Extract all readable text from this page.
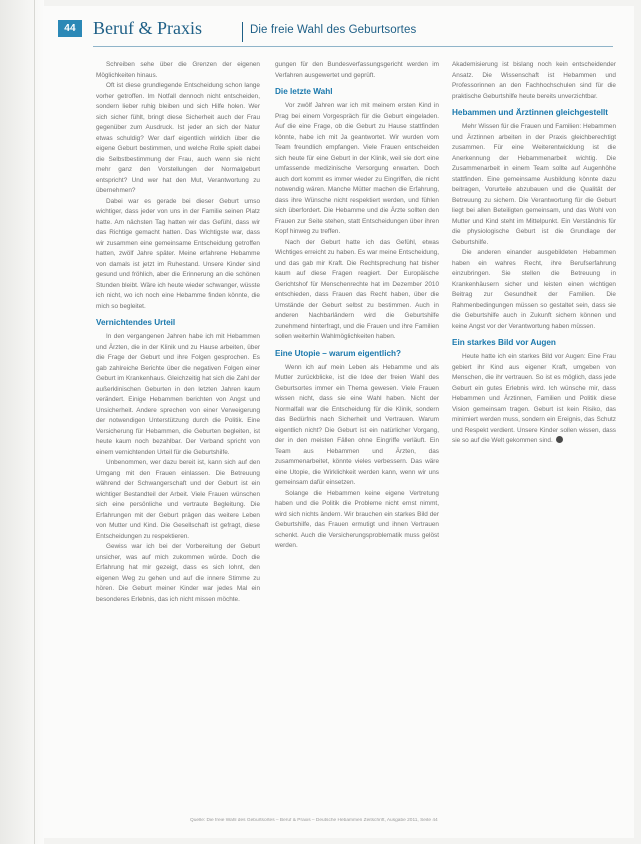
44 Beruf & Praxis	Die freie Wahl des Geburtsortes

Schreiben sehe über die Grenzen der eigenen Möglichkeiten hinaus.

Oft ist diese grundlegende Entscheidung schon lange vorher getroffen. Im Notfall dennoch nicht entscheiden, sondern lieber ruhig bleiben und sich Hilfe holen. Wer sich sicher fühlt, bringt diese Sicherheit auch der Frau gegenüber zum Ausdruck. Ist jeder an sich der Natur etwas schuldig? Wer darf eigentlich wirklich über die eigene Geburt bestimmen, und welche Rolle spielt dabei die Selbstbestimmung der Frau, auch wenn sie nicht mehr ganz den Vorstellungen der Normalgeburt entspricht? Und wer hat den Mut, Verantwortung zu übernehmen?

Dabei war es gerade bei dieser Geburt umso wichtiger, dass jeder von uns in der Familie seinen Platz hatte. Am nächsten Tag hatten wir das Gefühl, dass wir das Richtige gemacht hatten. Das Wichtigste war, dass wir zusammen eine gemeinsame Entscheidung getroffen hatten, zwölf Jahre später. Meine erfahrene Hebamme von damals ist jetzt im Ruhestand. Unsere Kinder sind gesund und fröhlich, aber die Erinnerung an die schönen Stunden bleibt. Wäre ich heute wieder schwanger, wüsste ich nicht, wo ich noch eine Hebamme finden könnte, die mich so begleitet.

Vernichtendes Urteil

In den vergangenen Jahren habe ich mit Hebammen und Ärzten, die in der Klinik und zu Hause arbeiten, über die Frage der Geburt und ihre Folgen gesprochen. Es gab zahlreiche Berichte über die negativen Folgen einer Geburt im Krankenhaus. Gleichzeitig hat sich die Zahl der außerklinischen Geburten in den letzten Jahren kaum verändert. Einige Hebammen berichten von Angst und Unsicherheit. Andere sprechen von einer Verweigerung der notwendigen Unterstützung durch die Politik. Eine Versicherung für Hebammen, die Geburten begleiten, ist heute kaum noch bezahlbar. Der Verband spricht von einem vernichtenden Urteil für die Geburtshilfe.

Unbenommen, wer dazu bereit ist, kann sich auf den Umgang mit den Frauen einlassen. Die Betreuung während der Schwangerschaft und der Geburt ist ein wichtiger Bestandteil der Arbeit. Viele Frauen wünschen sich eine persönliche und vertraute Begleitung. Die Erfahrungen mit der Geburt prägen das weitere Leben von Mutter und Kind. Die Gesellschaft ist gefragt, diese Entscheidungen zu respektieren.

Gewiss war ich bei der Vorbereitung der Geburt unsicher, was auf mich zukommen würde. Doch die Erfahrung hat mir gezeigt, dass es sich lohnt, den eigenen Weg zu gehen und auf die innere Stimme zu hören. Die Geburt meiner Kinder war jedes Mal ein besonderes Erlebnis, das ich nicht missen möchte.

gungen für den Bundesverfassungsgericht werden im Verfahren ausgewertet und geprüft.

Die letzte Wahl

Vor zwölf Jahren war ich mit meinem ersten Kind in Prag bei einem Vorgespräch für die Geburt eingeladen. Auf die eine Frage, ob die Geburt zu Hause stattfinden könnte, habe ich mit Ja geantwortet. Wir wurden vom Team freundlich empfangen. Viele Frauen entscheiden sich heute für eine Geburt in der Klinik, weil sie dort eine umfassende medizinische Versorgung erwarten. Doch auch dort kommt es immer wieder zu Eingriffen, die nicht notwendig wären. Manche Mütter machen die Erfahrung, dass ihre Wünsche nicht respektiert werden, und fühlen sich überfordert. Die Hebamme und die Ärzte sollten den Frauen zur Seite stehen, statt Entscheidungen über ihren Kopf hinweg zu treffen.

Nach der Geburt hatte ich das Gefühl, etwas Wichtiges erreicht zu haben. Es war meine Entscheidung, und das gab mir Kraft. Die Rechtsprechung hat bisher kaum auf diese Fragen reagiert. Der Europäische Gerichtshof für Menschenrechte hat im Dezember 2010 entschieden, dass Frauen das Recht haben, über die Umstände der Geburt selbst zu bestimmen. Auch in anderen Nachbarländern wird die Geburtshilfe zunehmend hinterfragt, und die Frauen und ihre Familien sollen weiterhin Wahlmöglichkeiten haben.

Eine Utopie – warum eigentlich?

Wenn ich auf mein Leben als Hebamme und als Mutter zurückblicke, ist die Idee der freien Wahl des Geburtsortes immer ein Thema gewesen. Viele Frauen wissen nicht, dass sie eine Wahl haben. Nicht der Normalfall war die Entscheidung für die Klinik, sondern das Bedürfnis nach Sicherheit und Vertrauen. Warum eigentlich nicht? Die Geburt ist ein natürlicher Vorgang, der in den meisten Fällen ohne Eingriffe verläuft. Ein Team aus Hebammen und Ärzten, das zusammenarbeitet, könnte vieles verbessern. Das wäre eine Utopie, die Wirklichkeit werden kann, wenn wir uns gemeinsam dafür einsetzen.

Solange die Hebammen keine eigene Vertretung haben und die Politik die Probleme nicht ernst nimmt, wird sich nichts ändern. Wir brauchen ein starkes Bild der Geburtshilfe, das Frauen ermutigt und ihnen Vertrauen schenkt. Auch die Versicherungsproblematik muss gelöst werden.

Akademisierung ist bislang noch kein entscheidender Ansatz. Die Wissenschaft ist Hebammen und Professorinnen an den Fachhochschulen sind für die praktische Geburtshilfe heute bereits unverzichtbar.

Hebammen und Ärztinnen gleichgestellt

Mehr Wissen für die Frauen und Familien: Hebammen und Ärztinnen arbeiten in der Praxis gleichberechtigt zusammen. Für eine Weiterentwicklung ist die Anerkennung der Hebammenarbeit wichtig. Die Zusammenarbeit in einem Team sollte auf Augenhöhe stattfinden. Eine gemeinsame Ausbildung könnte dazu beitragen, Vorurteile abzubauen und die Qualität der Betreuung zu sichern. Die Verantwortung für die Geburt liegt bei allen Beteiligten gemeinsam, und das Wohl von Mutter und Kind steht im Mittelpunkt. Ein Verständnis für die physiologische Geburt ist die Grundlage der Geburtshilfe.

Die anderen einander ausgebildeten Hebammen haben ein wahres Recht, ihre Berufserfahrung einzubringen. Sie stellen die Betreuung in Krankenhäusern sicher und leisten einen wichtigen Beitrag zur Gesundheit der Familien. Die Rahmenbedingungen müssen so gestaltet sein, dass sie die Geburtshilfe auch in Zukunft sichern können und keine Angst vor der Verantwortung haben müssen.

Ein starkes Bild vor Augen

Heute hatte ich ein starkes Bild vor Augen: Eine Frau gebiert ihr Kind aus eigener Kraft, umgeben von Menschen, die ihr vertrauen. So ist es möglich, dass jede Geburt ein gutes Erlebnis wird. Ich wünsche mir, dass Hebammen und Ärztinnen, Familien und Politik diese Vision gemeinsam tragen. Geburt ist kein Risiko, das minimiert werden muss, sondern ein Ereignis, das Schutz und Respekt verdient. Unsere Kinder sollen wissen, dass sie so auf die Welt gekommen sind.

Quelle: Die freie Wahl des Geburtsortes – Beruf & Praxis – Deutsche Hebammen Zeitschrift, Ausgabe 2011, Seite 44
